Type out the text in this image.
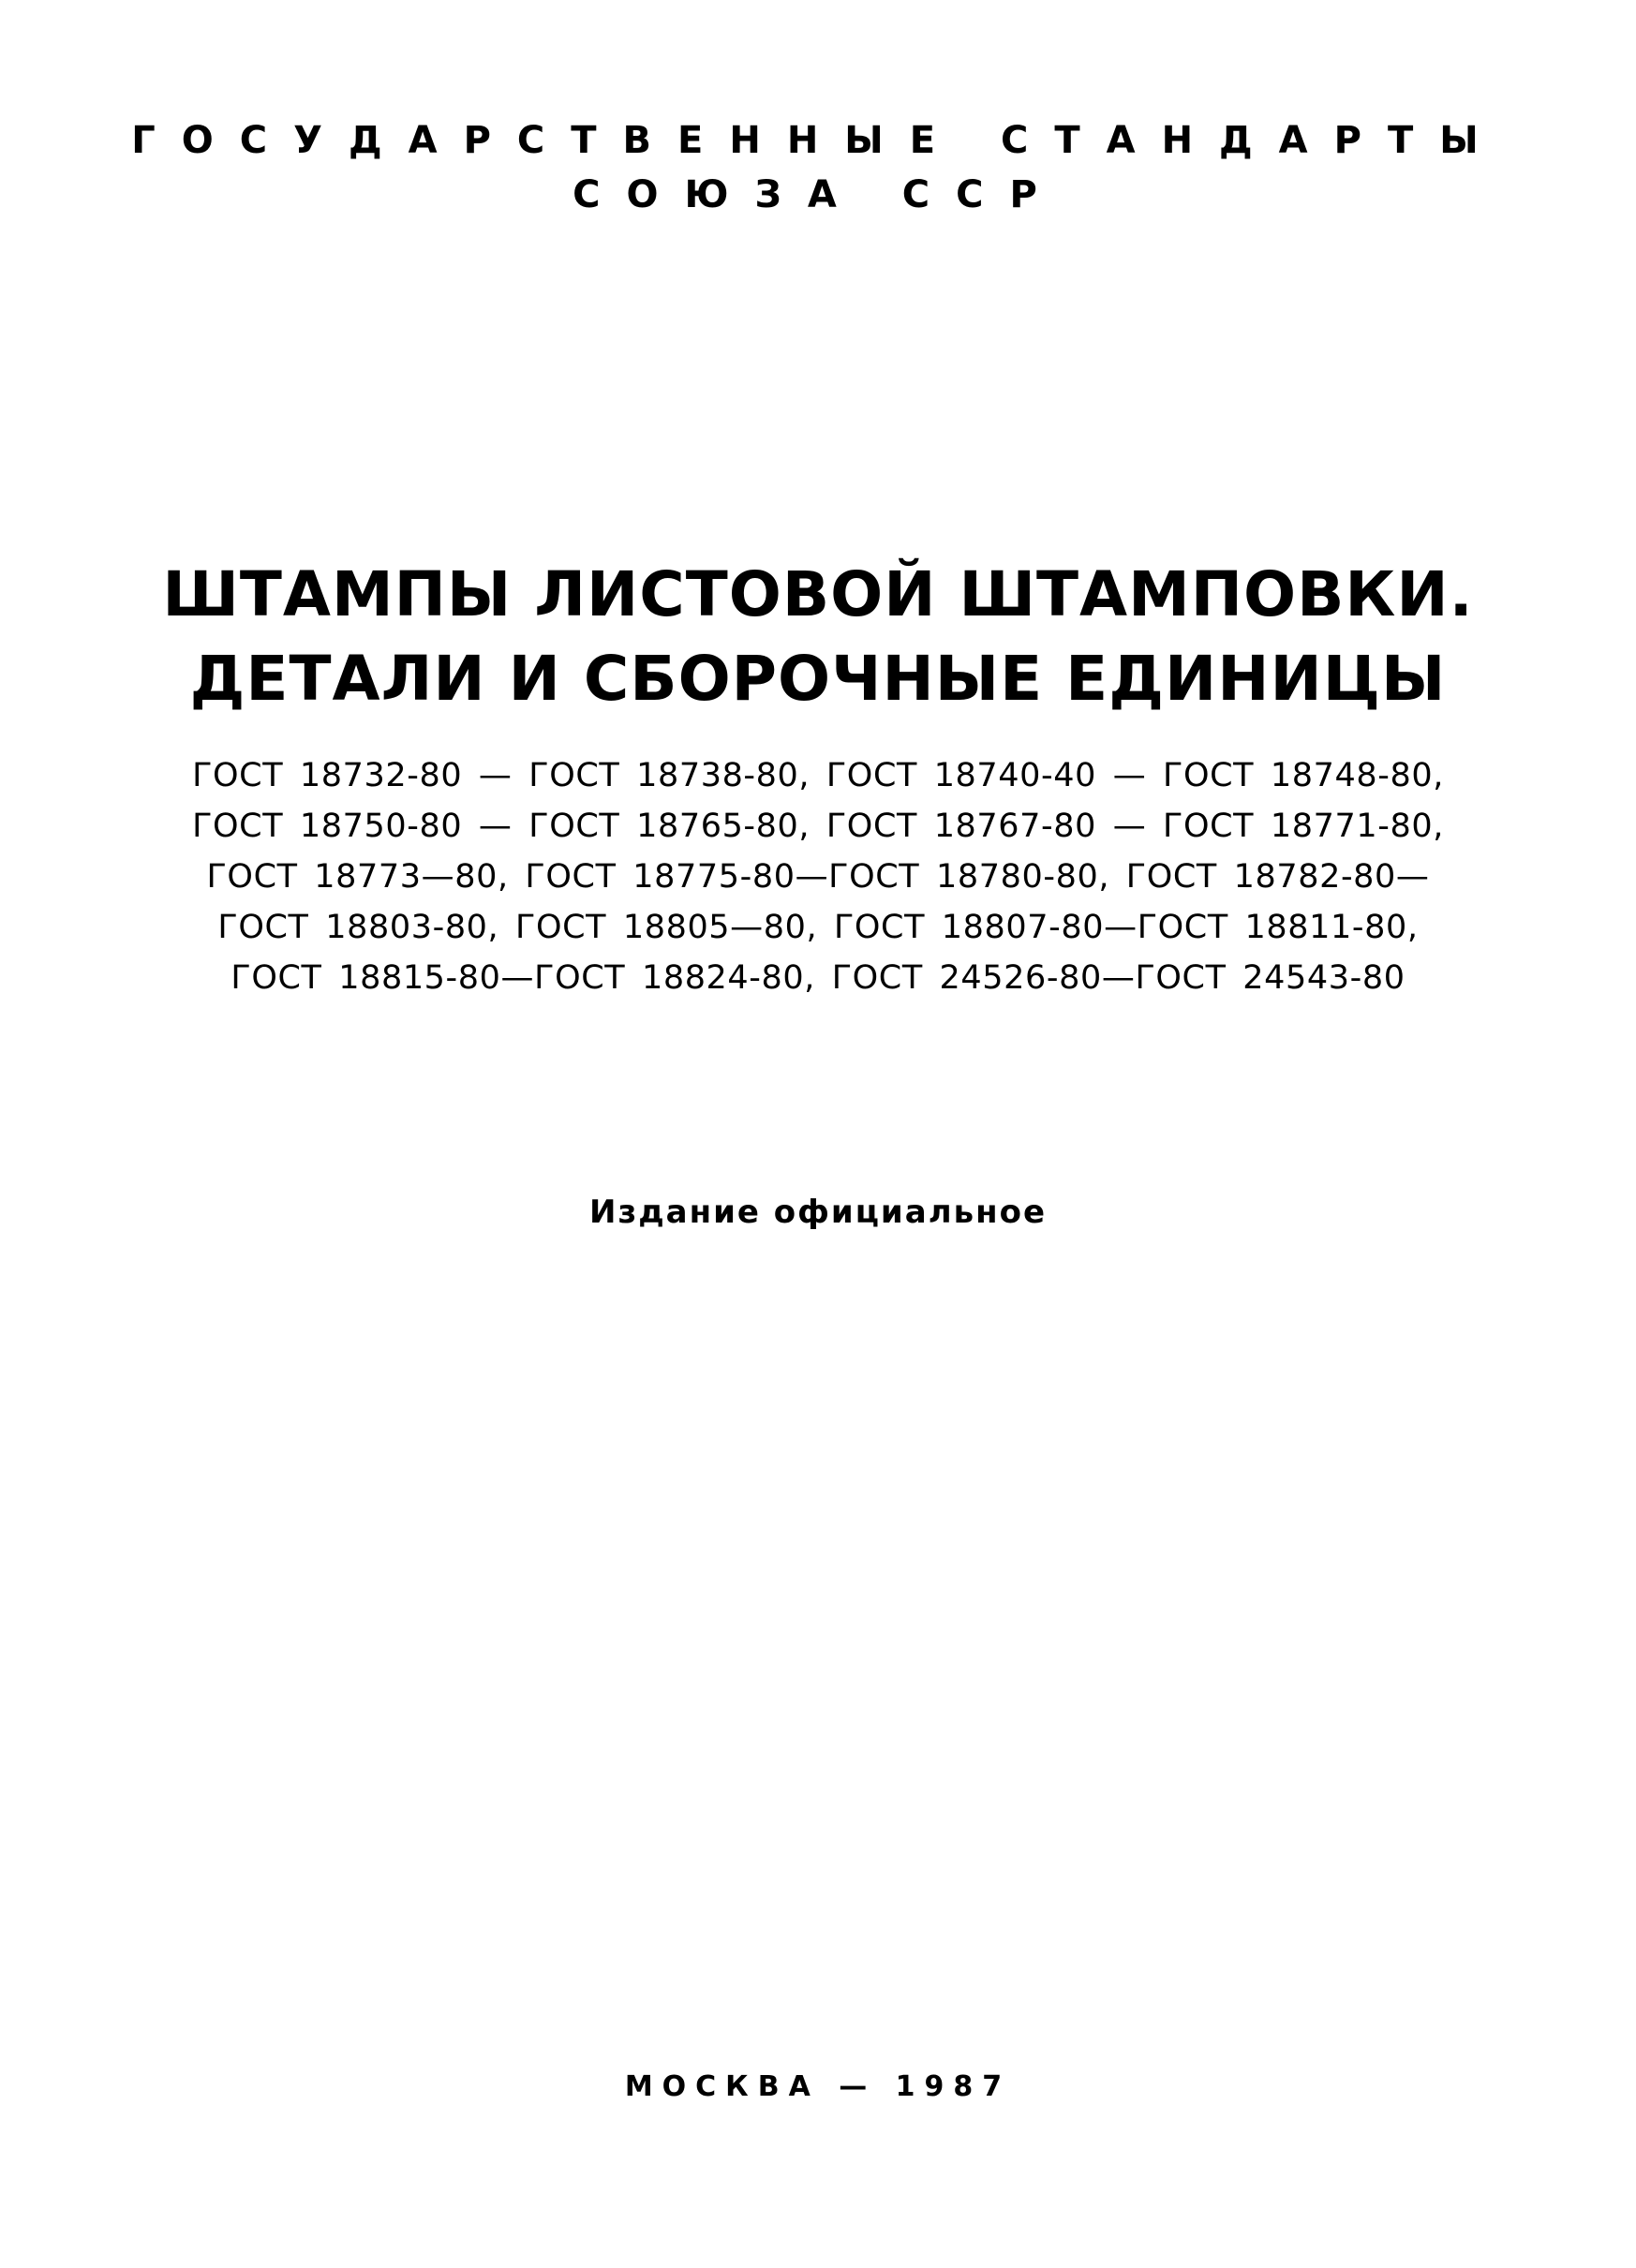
ГОСУДАРСТВЕННЫЕ СТАНДАРТЫ
СОЮЗА ССР
ШТАМПЫ ЛИСТОВОЙ ШТАМПОВКИ.
ДЕТАЛИ И СБОРОЧНЫЕ ЕДИНИЦЫ
ГОСТ 18732-80 — ГОСТ 18738-80, ГОСТ 18740-40 — ГОСТ 18748-80,
ГОСТ 18750-80 — ГОСТ 18765-80, ГОСТ 18767-80 — ГОСТ 18771-80,
ГОСТ 18773—80, ГОСТ 18775-80—ГОСТ 18780-80, ГОСТ 18782-80—
ГОСТ 18803-80, ГОСТ 18805—80, ГОСТ 18807-80—ГОСТ 18811-80,
ГОСТ 18815-80—ГОСТ 18824-80, ГОСТ 24526-80—ГОСТ 24543-80
Издание официальное
МОСКВА — 1987
